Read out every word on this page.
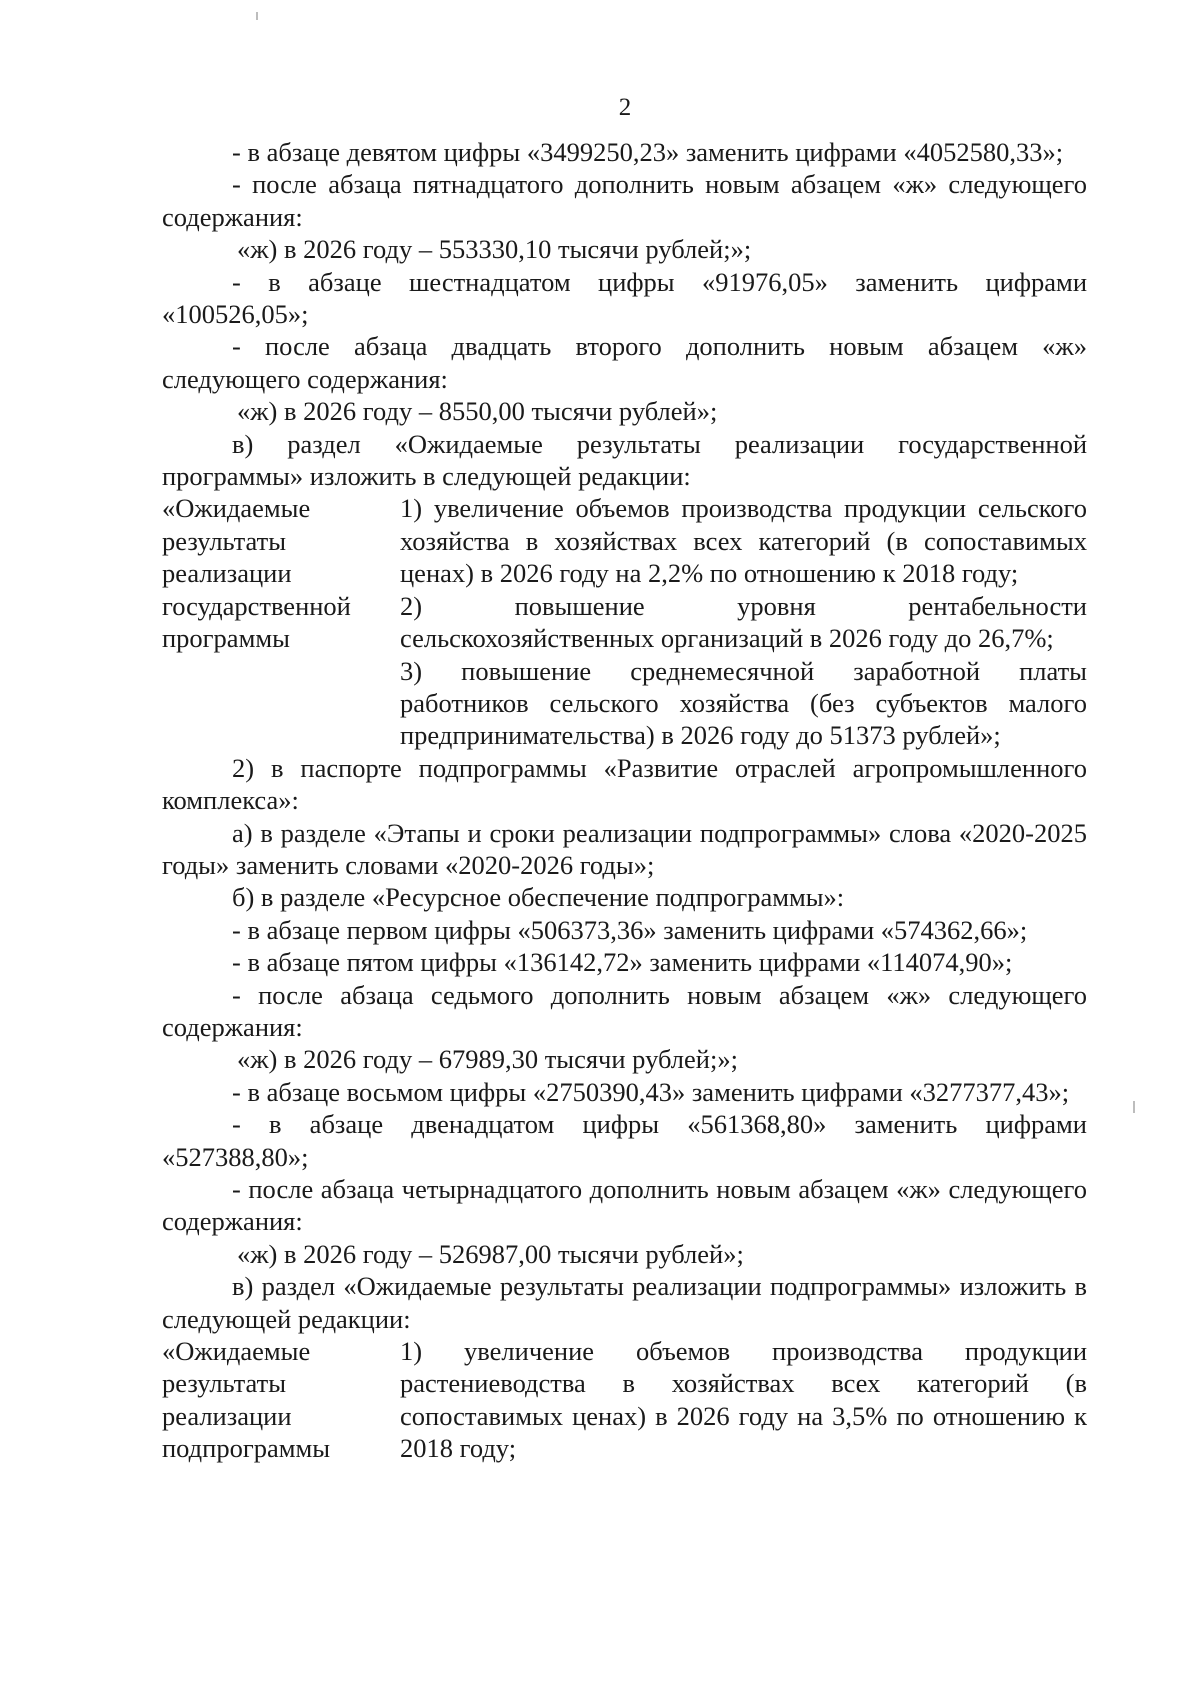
2

- в абзаце девятом цифры «3499250,23» заменить цифрами «4052580,33»;

- после абзаца пятнадцатого дополнить новым абзацем «ж» следующего содержания:

«ж) в 2026 году – 553330,10 тысячи рублей;»;

- в абзаце шестнадцатом цифры «91976,05» заменить цифрами «100526,05»;

- после абзаца двадцать второго дополнить новым абзацем «ж» следующего содержания:

«ж) в 2026 году – 8550,00 тысячи рублей»;

в) раздел «Ожидаемые результаты реализации государственной программы» изложить в следующей редакции:

«Ожидаемые результаты реализации государственной программы

1) увеличение объемов производства продукции сельского хозяйства в хозяйствах всех категорий (в сопоставимых ценах) в 2026 году на 2,2% по отношению к 2018 году;

2) повышение уровня рентабельности сельскохозяйственных организаций в 2026 году до 26,7%;

3) повышение среднемесячной заработной платы работников сельского хозяйства (без субъектов малого предпринимательства) в 2026 году до 51373 рублей»;

2) в паспорте подпрограммы «Развитие отраслей агропромышленного комплекса»:

а) в разделе «Этапы и сроки реализации подпрограммы» слова «2020-2025 годы» заменить словами «2020-2026 годы»;

б) в разделе «Ресурсное обеспечение подпрограммы»:

- в абзаце первом цифры «506373,36» заменить цифрами «574362,66»;

- в абзаце пятом цифры «136142,72» заменить цифрами «114074,90»;

- после абзаца седьмого дополнить новым абзацем «ж» следующего содержания:

«ж) в 2026 году – 67989,30 тысячи рублей;»;

- в абзаце восьмом цифры «2750390,43» заменить цифрами «3277377,43»;

- в абзаце двенадцатом цифры «561368,80» заменить цифрами «527388,80»;

- после абзаца четырнадцатого дополнить новым абзацем «ж» следующего содержания:

«ж) в 2026 году – 526987,00 тысячи рублей»;

в) раздел «Ожидаемые результаты реализации подпрограммы» изложить в следующей редакции:

«Ожидаемые результаты реализации подпрограммы

1) увеличение объемов производства продукции растениеводства в хозяйствах всех категорий (в сопоставимых ценах) в 2026 году на 3,5% по отношению к 2018 году;
